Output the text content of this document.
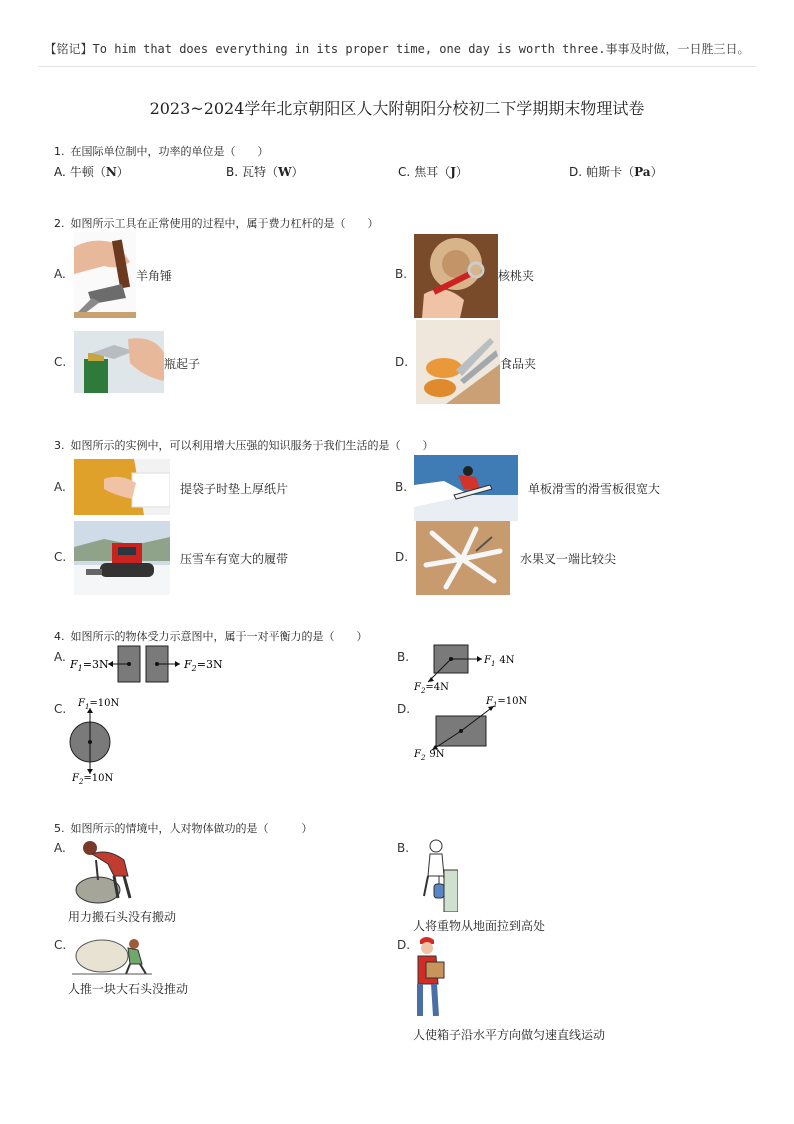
【铭记】To him that does everything in its proper time, one day is worth three.事事及时做，一日胜三日。
2023~2024学年北京朝阳区人大附朝阳分校初二下学期期末物理试卷
1. 在国际单位制中，功率的单位是（　　）
A. 牛顿（N）	B. 瓦特（W）	C. 焦耳（J）	D. 帕斯卡（Pa）
2. 如图所示工具在正常使用的过程中，属于费力杠杆的是（　　）
A.	羊角锤	B.	核桃夹
C.	瓶起子	D.	食品夹
3. 如图所示的实例中，可以利用增大压强的知识服务于我们生活的是（　　）
A.	提袋子时垫上厚纸片	B.	单板滑雪的滑雪板很宽大
C.	压雪车有宽大的履带	D.	水果叉一端比较尖
4. 如图所示的物体受力示意图中，属于一对平衡力的是（　　）
A.
$F_1=3N$	$F_2=3N$
B.	$F_1$ 4N
$F_2=4N$
C. $F_1=10N$
$F_2=10N$
D.
$F_1=10N$
$F_2$ 9N
5. 如图所示的情境中，人对物体做功的是（　　　）
A.
用力搬石头没有搬动
B.
人将重物从地面拉到高处
C.
人推一块大石头没推动
D.
人使箱子沿水平方向做匀速直线运动
